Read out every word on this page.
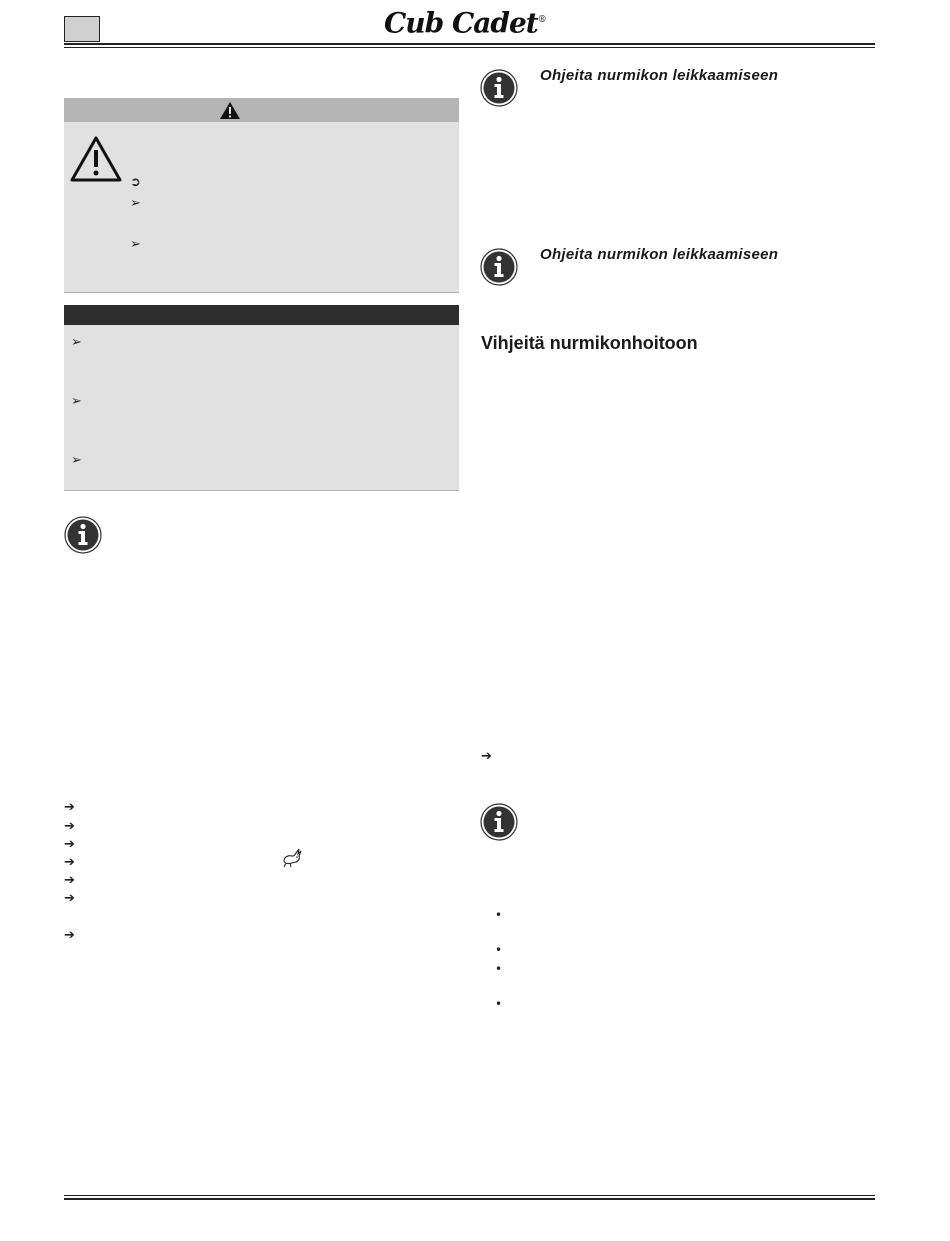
Cub Cadet®
➲
➢
➢
➢
➢
➢
➔
➔
➔
➔
➔
➔
➔
Ohjeita nurmikon leikkaamiseen
Ohjeita nurmikon leikkaamiseen
Vihjeitä nurmikonhoitoon
➔
•
•
•
•
